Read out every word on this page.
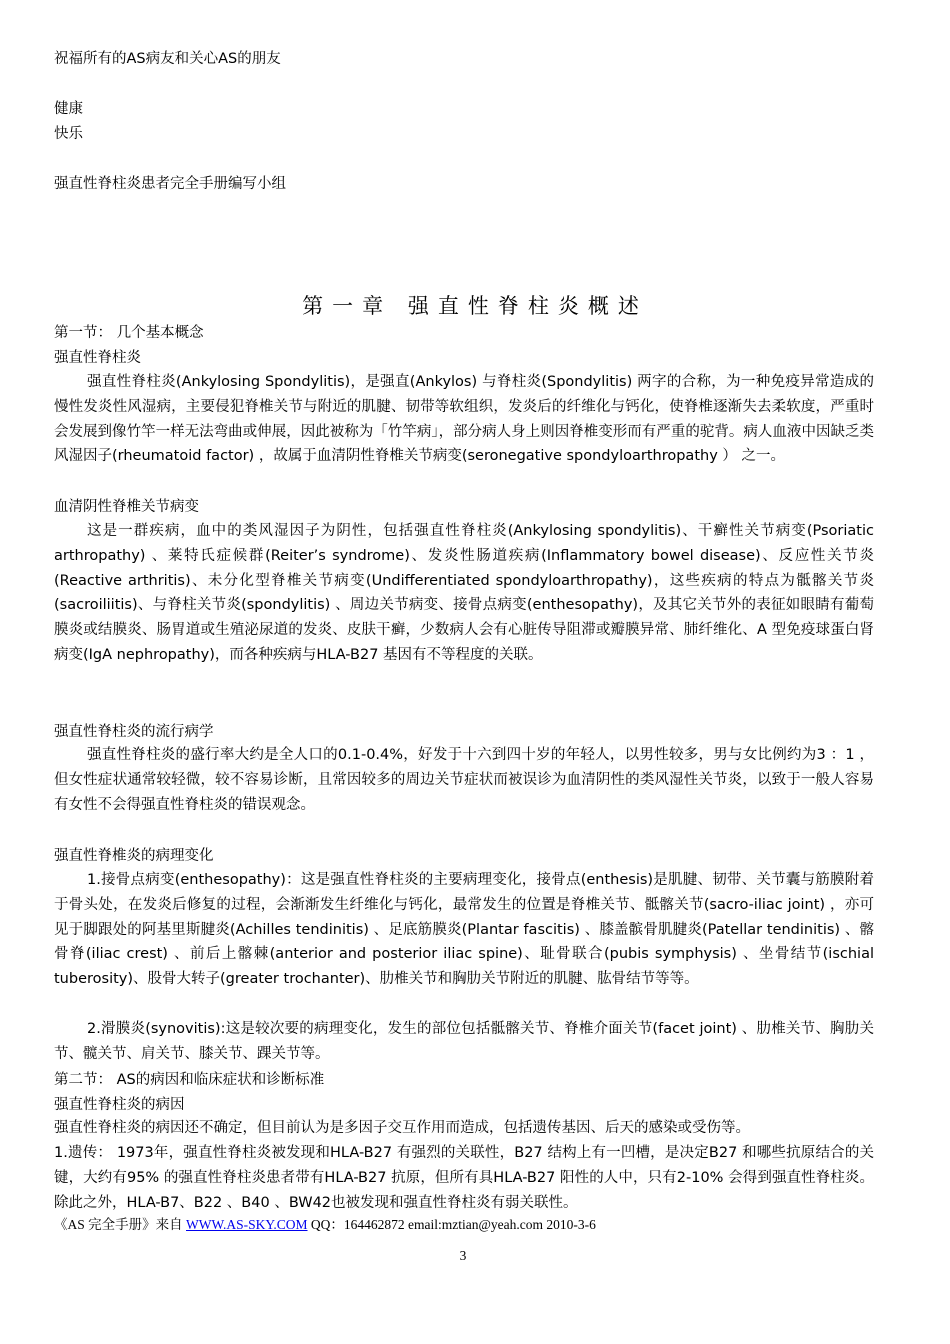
祝福所有的AS病友和关心AS的朋友
健康
快乐
强直性脊柱炎患者完全手册编写小组
第一章 强直性脊柱炎概述
第一节： 几个基本概念
强直性脊柱炎
强直性脊柱炎(Ankylosing Spondylitis)，是强直(Ankylos) 与脊柱炎(Spondylitis) 两字的合称，为一种免疫异常造成的慢性发炎性风湿病，主要侵犯脊椎关节与附近的肌腱、韧带等软组织，发炎后的纤维化与钙化，使脊椎逐渐失去柔软度，严重时会发展到像竹竿一样无法弯曲或伸展，因此被称为「竹竿病」，部分病人身上则因脊椎变形而有严重的驼背。病人血液中因缺乏类风湿因子(rheumatoid factor) ，故属于血清阴性脊椎关节病变(seronegative spondyloarthropathy ） 之一。
血清阴性脊椎关节病变
这是一群疾病，血中的类风湿因子为阴性，包括强直性脊柱炎(Ankylosing spondylitis)、干癣性关节病变(Psoriatic arthropathy) 、莱特氏症候群(Reiter’s syndrome)、发炎性肠道疾病(Inflammatory bowel disease)、反应性关节炎(Reactive arthritis)、未分化型脊椎关节病变(Undifferentiated spondyloarthropathy)，这些疾病的特点为骶髂关节炎(sacroiliitis)、与脊柱关节炎(spondylitis) 、周边关节病变、接骨点病变(enthesopathy)，及其它关节外的表征如眼睛有葡萄膜炎或结膜炎、肠胃道或生殖泌尿道的发炎、皮肤干癣，少数病人会有心脏传导阻滞或瓣膜异常、肺纤维化、A 型免疫球蛋白肾病变(IgA nephropathy)，而各种疾病与HLA-B27 基因有不等程度的关联。
强直性脊柱炎的流行病学
强直性脊柱炎的盛行率大约是全人口的0.1-0.4%，好发于十六到四十岁的年轻人，以男性较多，男与女比例约为3 ：1 ，但女性症状通常较轻微，较不容易诊断，且常因较多的周边关节症状而被误诊为血清阴性的类风湿性关节炎，以致于一般人容易有女性不会得强直性脊柱炎的错误观念。
强直性脊椎炎的病理变化
1.接骨点病变(enthesopathy)：这是强直性脊柱炎的主要病理变化，接骨点(enthesis)是肌腱、韧带、关节囊与筋膜附着于骨头处，在发炎后修复的过程，会渐渐发生纤维化与钙化，最常发生的位置是脊椎关节、骶髂关节(sacro-iliac joint) ，亦可见于脚跟处的阿基里斯腱炎(Achilles tendinitis) 、足底筋膜炎(Plantar fascitis) 、膝盖髌骨肌腱炎(Patellar tendinitis) 、髂骨脊(iliac crest) 、前后上髂棘(anterior and posterior iliac spine)、耻骨联合(pubis symphysis) 、坐骨结节(ischial tuberosity)、股骨大转子(greater trochanter)、肋椎关节和胸肋关节附近的肌腱、肱骨结节等等。
2.滑膜炎(synovitis):这是较次要的病理变化，发生的部位包括骶髂关节、脊椎介面关节(facet joint) 、肋椎关节、胸肋关节、髋关节、肩关节、膝关节、踝关节等。
第二节： AS的病因和临床症状和诊断标准
强直性脊柱炎的病因
强直性脊柱炎的病因还不确定，但目前认为是多因子交互作用而造成，包括遗传基因、后天的感染或受伤等。
1.遗传： 1973年，强直性脊柱炎被发现和HLA-B27 有强烈的关联性，B27 结构上有一凹槽，是决定B27 和哪些抗原结合的关键，大约有95% 的强直性脊柱炎患者带有HLA-B27 抗原，但所有具HLA-B27 阳性的人中，只有2-10% 会得到强直性脊柱炎。除此之外，HLA-B7、B22 、B40 、BW42也被发现和强直性脊柱炎有弱关联性。
《AS 完全手册》来自 WWW.AS-SKY.COM QQ：164462872 email:mztian@yeah.com 2010-3-6
3
